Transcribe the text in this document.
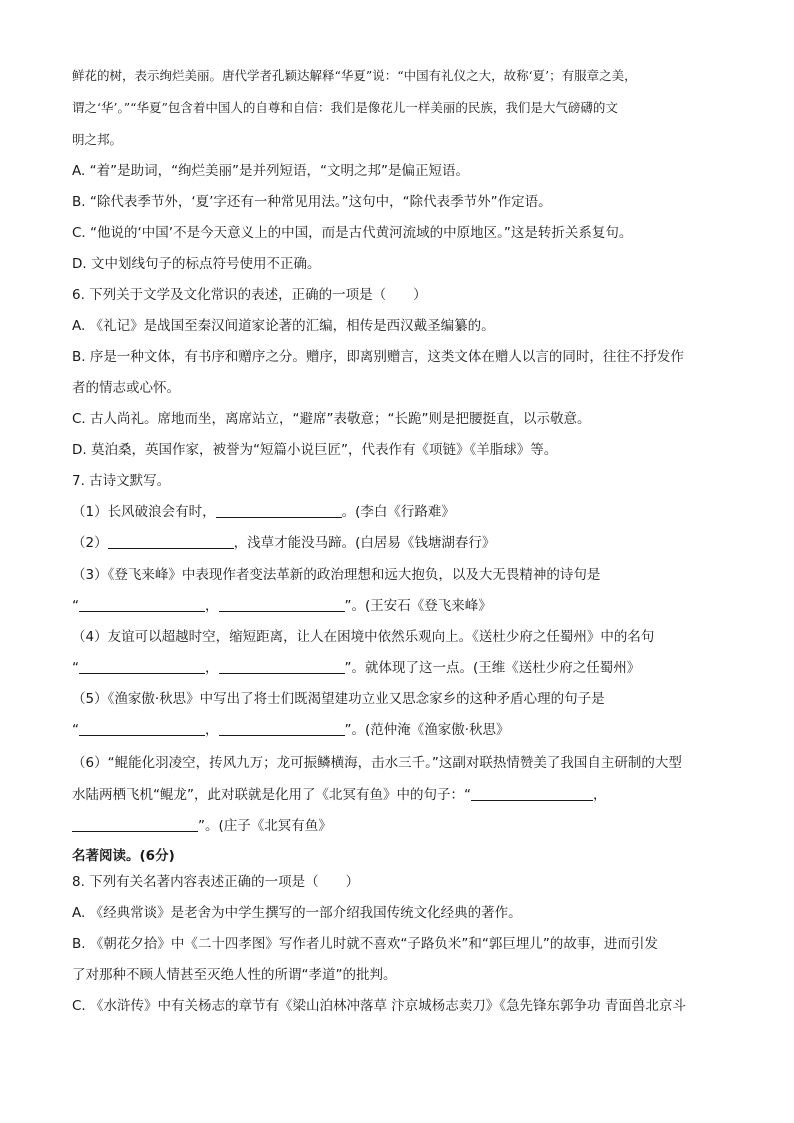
鲜花的树，表示绚烂美丽。唐代学者孔颖达解释“华夏”说：“中国有礼仪之大，故称‘夏’；有服章之美，
谓之‘华’。”“华夏”包含着中国人的自尊和自信：我们是像花儿一样美丽的民族，我们是大气磅礴的文
明之邦。
A. “着”是助词，“绚烂美丽”是并列短语，“文明之邦”是偏正短语。
B. “除代表季节外，‘夏’字还有一种常见用法。”这句中，“除代表季节外”作定语。
C. “他说的‘中国’不是今天意义上的中国，而是古代黄河流域的中原地区。”这是转折关系复句。
D. 文中划线句子的标点符号使用不正确。
6. 下列关于文学及文化常识的表述，正确的一项是（　　）
A. 《礼记》是战国至秦汉间道家论著的汇编，相传是西汉戴圣编纂的。
B. 序是一种文体，有书序和赠序之分。赠序，即离别赠言，这类文体在赠人以言的同时，往往不抒发作
者的情志或心怀。
C. 古人尚礼。席地而坐，离席站立，“避席”表敬意；“长跪”则是把腰挺直，以示敬意。
D. 莫泊桑，英国作家，被誉为“短篇小说巨匠”，代表作有《项链》《羊脂球》等。
7. 古诗文默写。
（1）长风破浪会有时，	。(李白《行路难》
（2）	，浅草才能没马蹄。(白居易《钱塘湖春行》
（3）《登飞来峰》中表现作者变法革新的政治理想和远大抱负，以及大无畏精神的诗句是
“	，	”。(王安石《登飞来峰》
（4）友谊可以超越时空，缩短距离，让人在困境中依然乐观向上。《送杜少府之任蜀州》中的名句
“	，	”。就体现了这一点。(王维《送杜少府之任蜀州》
（5）《渔家傲·秋思》中写出了将士们既渴望建功立业又思念家乡的这种矛盾心理的句子是
“	，	”。(范仲淹《渔家傲·秋思》
（6）“鲲能化羽凌空，抟风九万；龙可振鳞横海，击水三千。”这副对联热情赞美了我国自主研制的大型
水陆两栖飞机“鲲龙”，此对联就是化用了《北冥有鱼》中的句子：“	，
”。(庄子《北冥有鱼》
名著阅读。(6分)
8. 下列有关名著内容表述正确的一项是（　　）
A. 《经典常谈》是老舍为中学生撰写的一部介绍我国传统文化经典的著作。
B. 《朝花夕拾》中《二十四孝图》写作者儿时就不喜欢“子路负米”和“郭巨埋儿”的故事，进而引发
了对那种不顾人情甚至灭绝人性的所谓“孝道”的批判。
C. 《水浒传》中有关杨志的章节有《梁山泊林冲落草 汴京城杨志卖刀》《急先锋东郭争功 青面兽北京斗
